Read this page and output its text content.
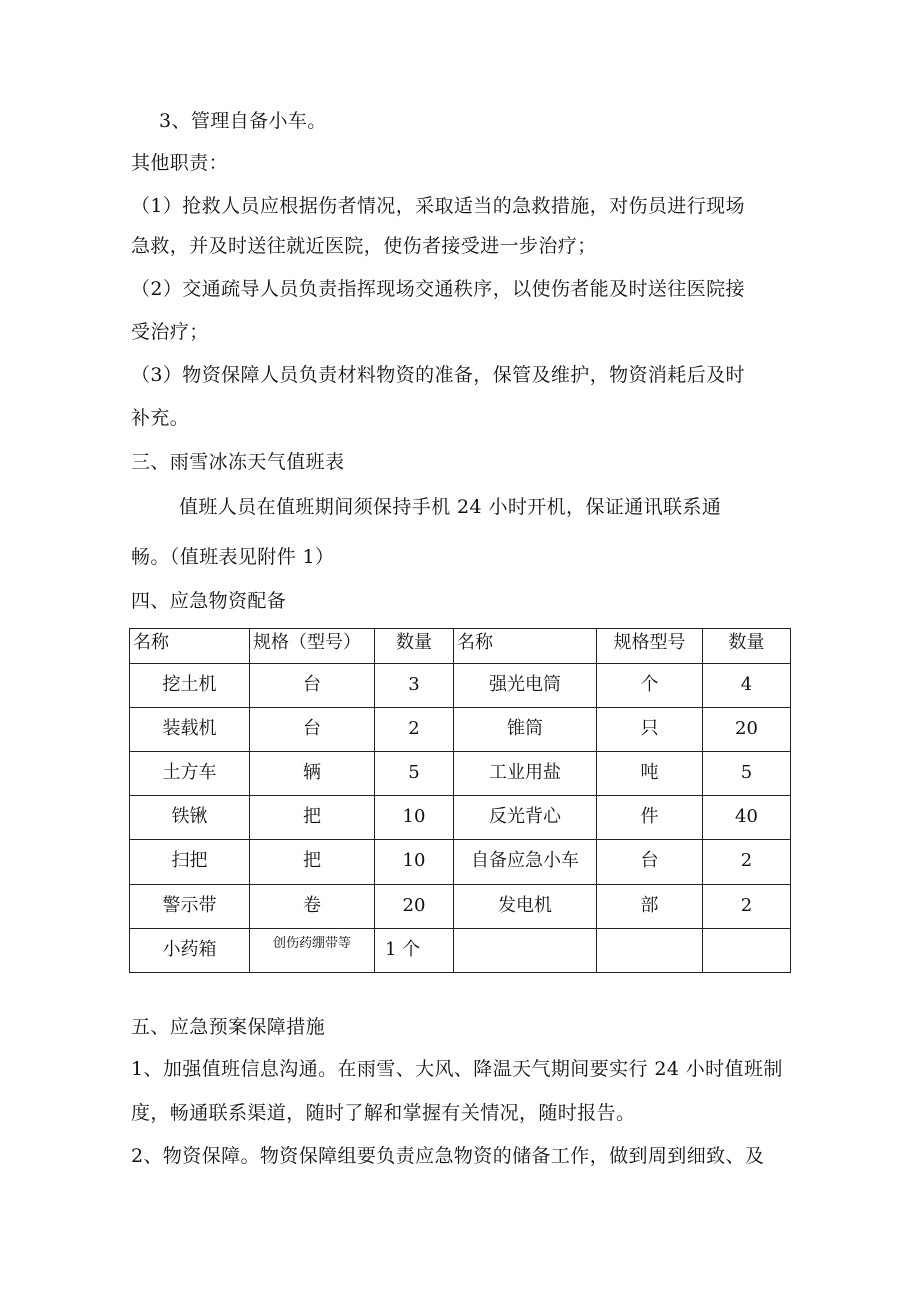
3、管理自备小车。
其他职责：
（1）抢救人员应根据伤者情况，采取适当的急救措施，对伤员进行现场
急救，并及时送往就近医院，使伤者接受进一步治疗；
（2）交通疏导人员负责指挥现场交通秩序，以使伤者能及时送往医院接
受治疗；
（3）物资保障人员负责材料物资的准备，保管及维护，物资消耗后及时
补充。
三、雨雪冰冻天气值班表
值班人员在值班期间须保持手机 24 小时开机，保证通讯联系通
畅。（值班表见附件 1）
四、应急物资配备
名称	规格（型号）	数量	名称	规格型号	数量
挖土机	台	3	强光电筒	个	4
装载机	台	2	锥筒	只	20
土方车	辆	5	工业用盐	吨	5
铁锹	把	10	反光背心	件	40
扫把	把	10	自备应急小车	台	2
警示带	卷	20	发电机	部	2
小药箱	创伤药绷带等	1 个			
五、应急预案保障措施
1、加强值班信息沟通。在雨雪、大风、降温天气期间要实行 24 小时值班制
度，畅通联系渠道，随时了解和掌握有关情况，随时报告。
2、物资保障。物资保障组要负责应急物资的储备工作，做到周到细致、及
